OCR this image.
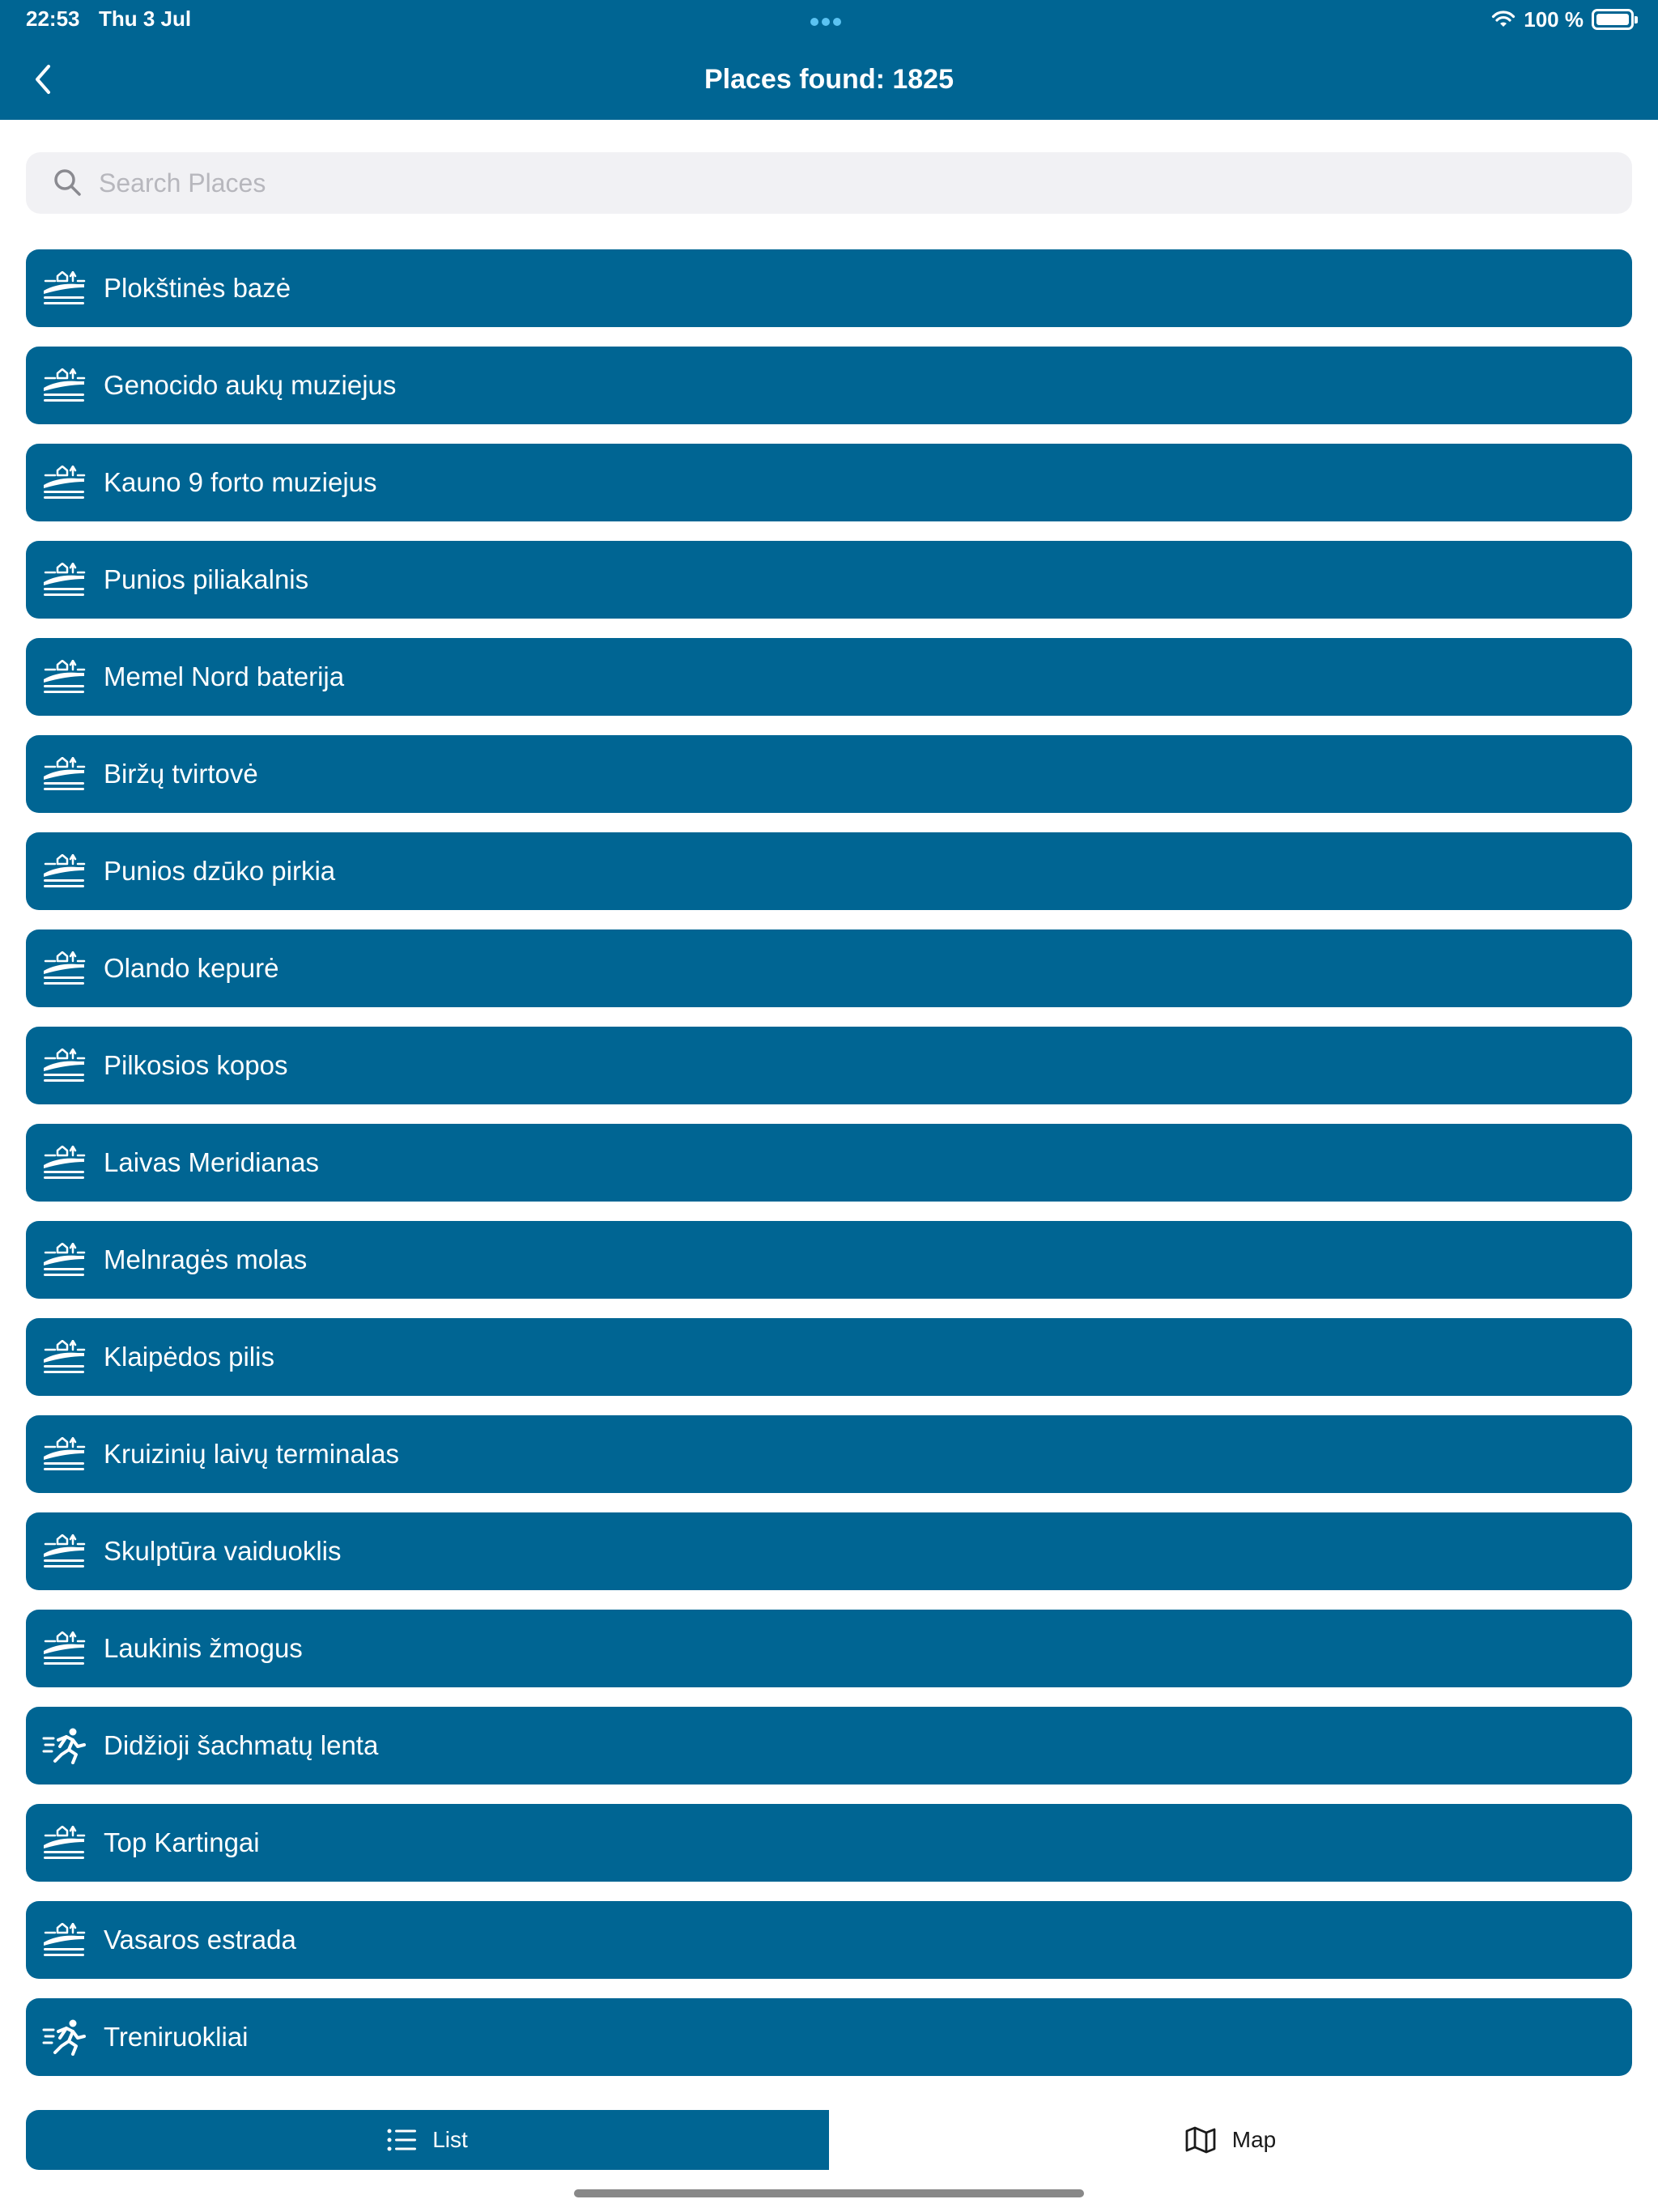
22:53 Thu 3 Jul	100 %
Places found: 1825
Search Places
Plokštinės bazė
Genocido aukų muziejus
Kauno 9 forto muziejus
Punios piliakalnis
Memel Nord baterija
Biržų tvirtovė
Punios dzūko pirkia
Olando kepurė
Pilkosios kopos
Laivas Meridianas
Melnragės molas
Klaipėdos pilis
Kruizinių laivų terminalas
Skulptūra vaiduoklis
Laukinis žmogus
Didžioji šachmatų lenta
Top Kartingai
Vasaros estrada
Treniruokliai
List	Map
